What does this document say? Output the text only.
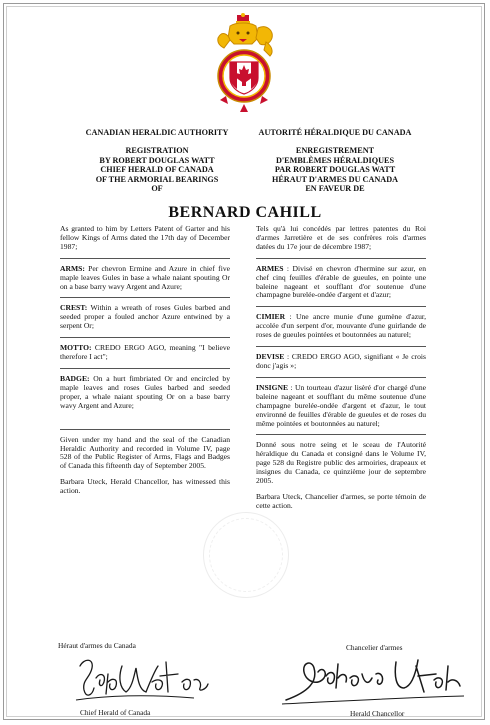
CANADIAN HERALDIC AUTHORITY
REGISTRATION
BY ROBERT DOUGLAS WATT
CHIEF HERALD OF CANADA
OF THE ARMORIAL BEARINGS
OF
AUTORITÉ HÉRALDIQUE DU CANADA
ENREGISTREMENT
D'EMBLÈMES HÉRALDIQUES
PAR ROBERT DOUGLAS WATT
HÉRAUT D'ARMES DU CANADA
EN FAVEUR DE
BERNARD CAHILL

As granted to him by Letters Patent of Garter and his fellow Kings of Arms dated the 17th day of December 1987;

ARMS: Per chevron Ermine and Azure in chief five maple leaves Gules in base a whale naiant spouting Or on a base barry wavy Argent and Azure;

CREST: Within a wreath of roses Gules barbed and seeded proper a fouled anchor Azure entwined by a serpent Or;

MOTTO: CREDO ERGO AGO, meaning "I believe therefore I act";

BADGE: On a hurt fimbriated Or and encircled by maple leaves and roses Gules barbed and seeded proper, a whale naiant spouting Or on a base barry wavy Argent and Azure;

Given under my hand and the seal of the Canadian Heraldic Authority and recorded in Volume IV, page 528 of the Public Register of Arms, Flags and Badges of Canada this fifteenth day of September 2005.

Barbara Uteck, Herald Chancellor, has witnessed this action.

Tels qu'à lui concédés par lettres patentes du Roi d'armes Jarretière et de ses confrères rois d'armes datées du 17e jour de décembre 1987;

ARMES : Divisé en chevron d'hermine sur azur, en chef cinq feuilles d'érable de gueules, en pointe une baleine nageant et soufflant d'or soutenue d'une champagne burelée-ondée d'argent et d'azur;

CIMIER : Une ancre munie d'une gumène d'azur, accolée d'un serpent d'or, mouvante d'une guirlande de roses de gueules pointées et boutonnées au naturel;

DEVISE : CREDO ERGO AGO, signifiant « Je crois donc j'agis »;

INSIGNE : Un tourteau d'azur lisèré d'or chargé d'une baleine nageant et soufflant du même soutenue d'une champagne burelée-ondée d'argent et d'azur, le tout environné de feuilles d'érable de gueules et de roses du même pointées et boutonnées au naturel;

Donné sous notre seing et le sceau de l'Autorité héraldique du Canada et consigné dans le Volume IV, page 528 du Registre public des armoiries, drapeaux et insignes du Canada, ce quinzième jour de septembre 2005.

Barbara Uteck, Chancelier d'armes, se porte témoin de cette action.

Héraut d'armes du Canada
Chief Herald of Canada
Chancelier d'armes
Herald Chancellor
